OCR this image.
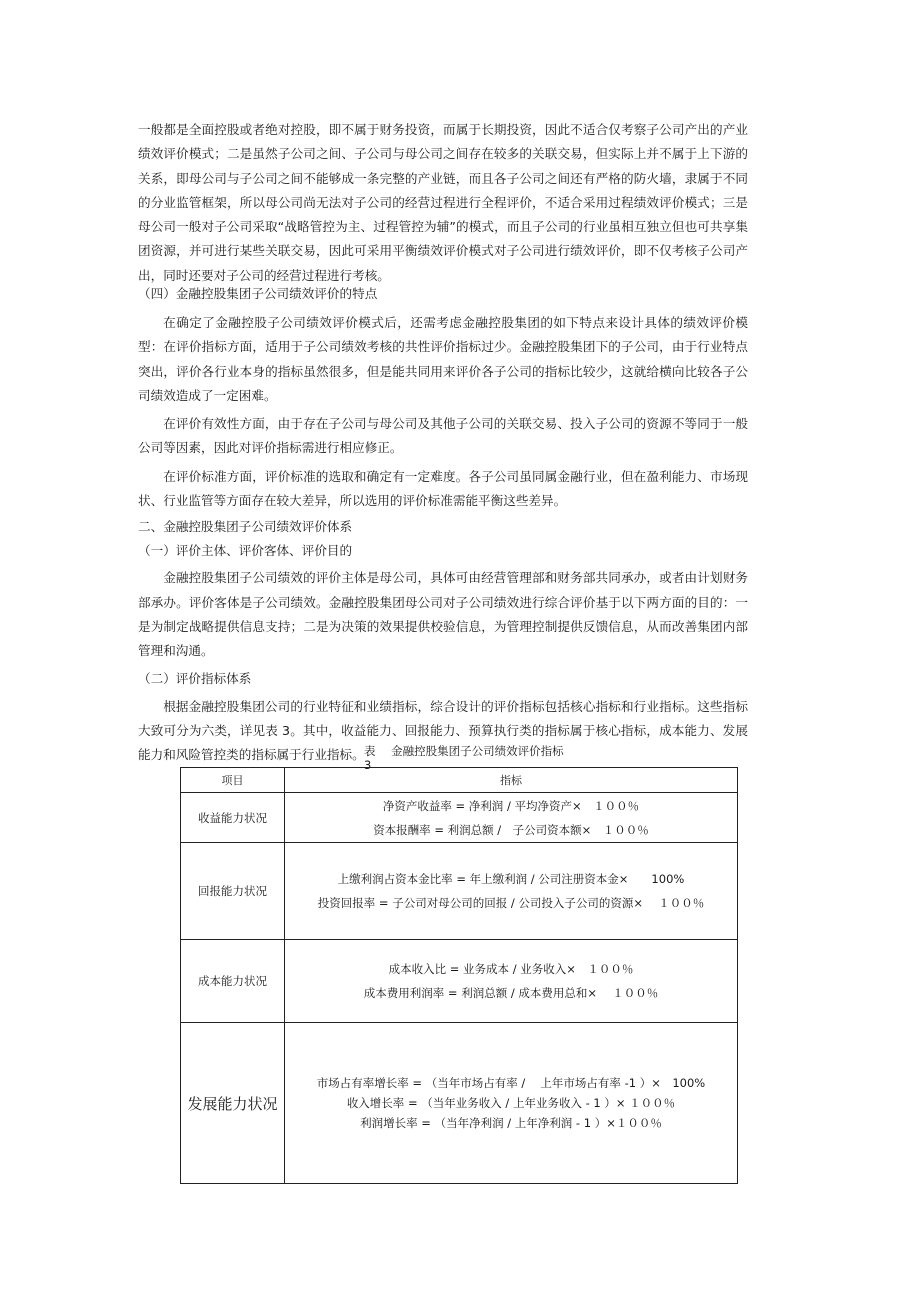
一般都是全面控股或者绝对控股，即不属于财务投资，而属于长期投资，因此不适合仅考察子公司产出的产业绩效评价模式；二是虽然子公司之间、子公司与母公司之间存在较多的关联交易，但实际上并不属于上下游的关系，即母公司与子公司之间不能够成一条完整的产业链，而且各子公司之间还有严格的防火墙，隶属于不同的分业监管框架，所以母公司尚无法对子公司的经营过程进行全程评价，不适合采用过程绩效评价模式；三是母公司一般对子公司采取“战略管控为主、过程管控为辅”的模式，而且子公司的行业虽相互独立但也可共享集团资源，并可进行某些关联交易，因此可采用平衡绩效评价模式对子公司进行绩效评价，即不仅考核子公司产出，同时还要对子公司的经营过程进行考核。

（四）金融控股集团子公司绩效评价的特点

在确定了金融控股子公司绩效评价模式后，还需考虑金融控股集团的如下特点来设计具体的绩效评价模型：在评价指标方面，适用于子公司绩效考核的共性评价指标过少。金融控股集团下的子公司，由于行业特点突出，评价各行业本身的指标虽然很多，但是能共同用来评价各子公司的指标比较少，这就给横向比较各子公司绩效造成了一定困难。

在评价有效性方面，由于存在子公司与母公司及其他子公司的关联交易、投入子公司的资源不等同于一般公司等因素，因此对评价指标需进行相应修正。

在评价标准方面，评价标准的选取和确定有一定难度。各子公司虽同属金融行业，但在盈利能力、市场现状、行业监管等方面存在较大差异，所以选用的评价标准需能平衡这些差异。

二、金融控股集团子公司绩效评价体系

（一）评价主体、评价客体、评价目的

金融控股集团子公司绩效的评价主体是母公司，具体可由经营管理部和财务部共同承办，或者由计划财务部承办。评价客体是子公司绩效。金融控股集团母公司对子公司绩效进行综合评价基于以下两方面的目的：一是为制定战略提供信息支持；二是为决策的效果提供校验信息，为管理控制提供反馈信息，从而改善集团内部管理和沟通。

（二）评价指标体系

根据金融控股集团公司的行业特征和业绩指标，综合设计的评价指标包括核心指标和行业指标。这些指标大致可分为六类，详见表 3。其中，收益能力、回报能力、预算执行类的指标属于核心指标，成本能力、发展能力和风险管控类的指标属于行业指标。 表 金融控股集团子公司绩效评价指标
3
项目	指标
收益能力状况	净资产收益率 = 净利润 / 平均净资产×　１００％
资本报酬率 = 利润总额 /　子公司资本额×　１００％

回报能力状况	上缴利润占资本金比率 = 年上缴利润 / 公司注册资本金×　　100%
投资回报率 = 子公司对母公司的回报 / 公司投入子公司的资源×　 １００％

成本能力状况	成本收入比 = 业务成本 / 业务收入×　１００％
成本费用利润率 = 利润总额 / 成本费用总和×　 １００％

发展能力状况	市场占有率增长率 = （当年市场占有率 /　 上年市场占有率 -1 ）×　100%
收入增长率 = （当年业务收入 / 上年业务收入 - 1 ）× １００％
利润增长率 = （当年净利润 / 上年净利润 - 1 ）×１００％
